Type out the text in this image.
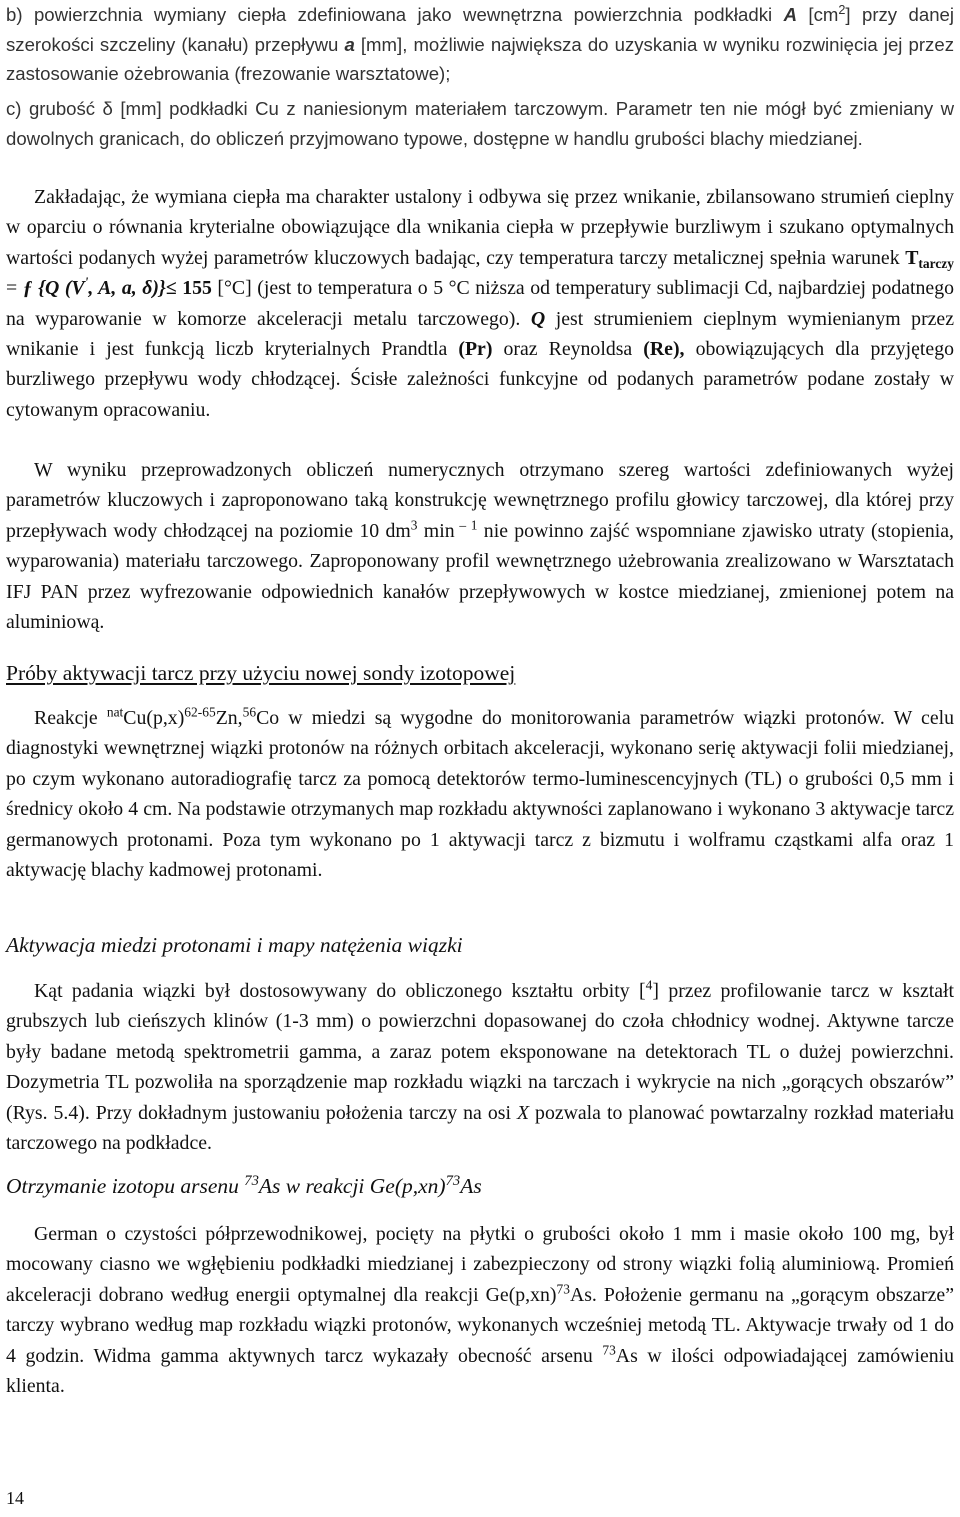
b) powierzchnia wymiany ciepła zdefiniowana jako wewnętrzna powierzchnia podkładki A $[cm^2]$ przy danej szerokości szczeliny (kanału) przepływu a [mm], możliwie największa do uzyskania w wyniku rozwinięcia jej przez zastosowanie ożebrowania (frezowanie warsztatowe);

c) grubość δ [mm] podkładki Cu z naniesionym materiałem tarczowym. Parametr ten nie mógł być zmieniany w dowolnych granicach, do obliczeń przyjmowano typowe, dostępne w handlu grubości blachy miedzianej.

Zakładając, że wymiana ciepła ma charakter ustalony i odbywa się przez wnikanie, zbilansowano strumień cieplny w oparciu o równania kryterialne obowiązujące dla wnikania ciepła w przepływie burzliwym i szukano optymalnych wartości podanych wyżej parametrów kluczowych badając, czy temperatura tarczy metalicznej spełnia warunek $T_{tarczy}$ = ƒ {Q (V', A, a, δ)}≤ 155 [°C] (jest to temperatura o 5 °C niższa od temperatury sublimacji Cd, najbardziej podatnego na wyparowanie w komorze akceleracji metalu tarczowego). Q jest strumieniem cieplnym wymienianym przez wnikanie i jest funkcją liczb kryterialnych Prandtla (Pr) oraz Reynoldsa (Re), obowiązujących dla przyjętego burzliwego przepływu wody chłodzącej. Ścisłe zależności funkcyjne od podanych parametrów podane zostały w cytowanym opracowaniu.

W wyniku przeprowadzonych obliczeń numerycznych otrzymano szereg wartości zdefiniowanych wyżej parametrów kluczowych i zaproponowano taką konstrukcję wewnętrznego profilu głowicy tarczowej, dla której przy przepływach wody chłodzącej na poziomie 10 $dm^3$ min $^{- 1}$ nie powinno zajść wspomniane zjawisko utraty (stopienia, wyparowania) materiału tarczowego. Zaproponowany profil wewnętrznego użebrowania zrealizowano w Warsztatach IFJ PAN przez wyfrezowanie odpowiednich kanałów przepływowych w kostce miedzianej, zmienionej potem na aluminiową.

Próby aktywacji tarcz przy użyciu nowej sondy izotopowej

Reakcje $^{nat}Cu(p,x)^{62-65}Zn,^{56}Co$ w miedzi są wygodne do monitorowania parametrów wiązki protonów. W celu diagnostyki wewnętrznej wiązki protonów na różnych orbitach akceleracji, wykonano serię aktywacji folii miedzianej, po czym wykonano autoradiografię tarcz za pomocą detektorów termo-luminescencyjnych (TL) o grubości 0,5 mm i średnicy około 4 cm. Na podstawie otrzymanych map rozkładu aktywności zaplanowano i wykonano 3 aktywacje tarcz germanowych protonami. Poza tym wykonano po 1 aktywacji tarcz z bizmutu i wolframu cząstkami alfa oraz 1 aktywację blachy kadmowej protonami.

Aktywacja miedzi protonami i mapy natężenia wiązki

Kąt padania wiązki był dostosowywany do obliczonego kształtu orbity [$^4$] przez profilowanie tarcz w kształt grubszych lub cieńszych klinów (1-3 mm) o powierzchni dopasowanej do czoła chłodnicy wodnej. Aktywne tarcze były badane metodą spektrometrii gamma, a zaraz potem eksponowane na detektorach TL o dużej powierzchni. Dozymetria TL pozwoliła na sporządzenie map rozkładu wiązki na tarczach i wykrycie na nich „gorących obszarów” (Rys. 5.4). Przy dokładnym justowaniu położenia tarczy na osi X pozwala to planować powtarzalny rozkład materiału tarczowego na podkładce.

Otrzymanie izotopu arsenu $^{73}$As w reakcji $Ge(p,xn)^{73}As$

German o czystości półprzewodnikowej, pocięty na płytki o grubości około 1 mm i masie około 100 mg, był mocowany ciasno we wgłębieniu podkładki miedzianej i zabezpieczony od strony wiązki folią aluminiową. Promień akceleracji dobrano według energii optymalnej dla reakcji $Ge(p,xn)^{73}As$. Położenie germanu na „gorącym obszarze” tarczy wybrano według map rozkładu wiązki protonów, wykonanych wcześniej metodą TL. Aktywacje trwały od 1 do 4 godzin. Widma gamma aktywnych tarcz wykazały obecność arsenu $^{73}$As w ilości odpowiadającej zamówieniu klienta.

14
